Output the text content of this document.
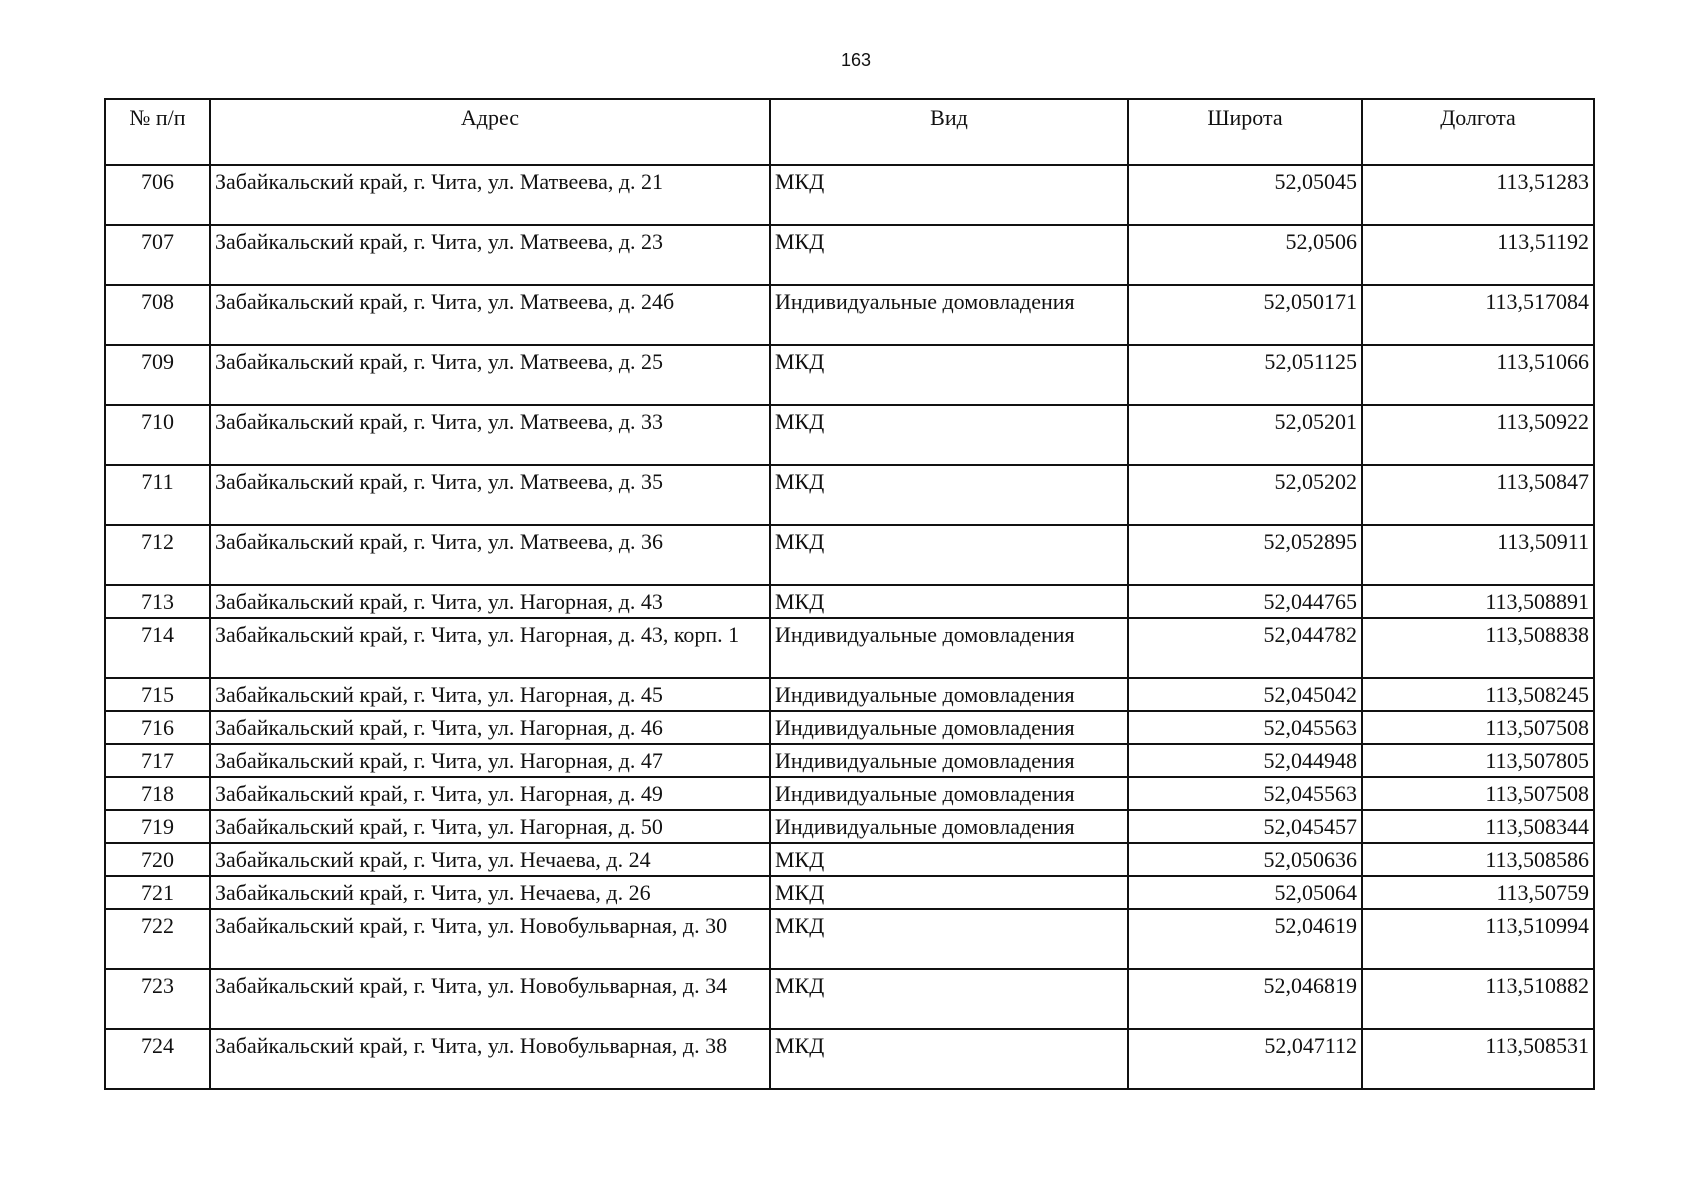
163
№ п/п	Адрес	Вид	Широта	Долгота
706	Забайкальский край, г. Чита, ул. Матвеева, д. 21	МКД	52,05045	113,51283
707	Забайкальский край, г. Чита, ул. Матвеева, д. 23	МКД	52,0506	113,51192
708	Забайкальский край, г. Чита, ул. Матвеева, д. 24б	Индивидуальные домовладения	52,050171	113,517084
709	Забайкальский край, г. Чита, ул. Матвеева, д. 25	МКД	52,051125	113,51066
710	Забайкальский край, г. Чита, ул. Матвеева, д. 33	МКД	52,05201	113,50922
711	Забайкальский край, г. Чита, ул. Матвеева, д. 35	МКД	52,05202	113,50847
712	Забайкальский край, г. Чита, ул. Матвеева, д. 36	МКД	52,052895	113,50911
713	Забайкальский край, г. Чита, ул. Нагорная, д. 43	МКД	52,044765	113,508891
714	Забайкальский край, г. Чита, ул. Нагорная, д. 43, корп. 1	Индивидуальные домовладения	52,044782	113,508838
715	Забайкальский край, г. Чита, ул. Нагорная, д. 45	Индивидуальные домовладения	52,045042	113,508245
716	Забайкальский край, г. Чита, ул. Нагорная, д. 46	Индивидуальные домовладения	52,045563	113,507508
717	Забайкальский край, г. Чита, ул. Нагорная, д. 47	Индивидуальные домовладения	52,044948	113,507805
718	Забайкальский край, г. Чита, ул. Нагорная, д. 49	Индивидуальные домовладения	52,045563	113,507508
719	Забайкальский край, г. Чита, ул. Нагорная, д. 50	Индивидуальные домовладения	52,045457	113,508344
720	Забайкальский край, г. Чита, ул. Нечаева, д. 24	МКД	52,050636	113,508586
721	Забайкальский край, г. Чита, ул. Нечаева, д. 26	МКД	52,05064	113,50759
722	Забайкальский край, г. Чита, ул. Новобульварная, д. 30	МКД	52,04619	113,510994
723	Забайкальский край, г. Чита, ул. Новобульварная, д. 34	МКД	52,046819	113,510882
724	Забайкальский край, г. Чита, ул. Новобульварная, д. 38	МКД	52,047112	113,508531
